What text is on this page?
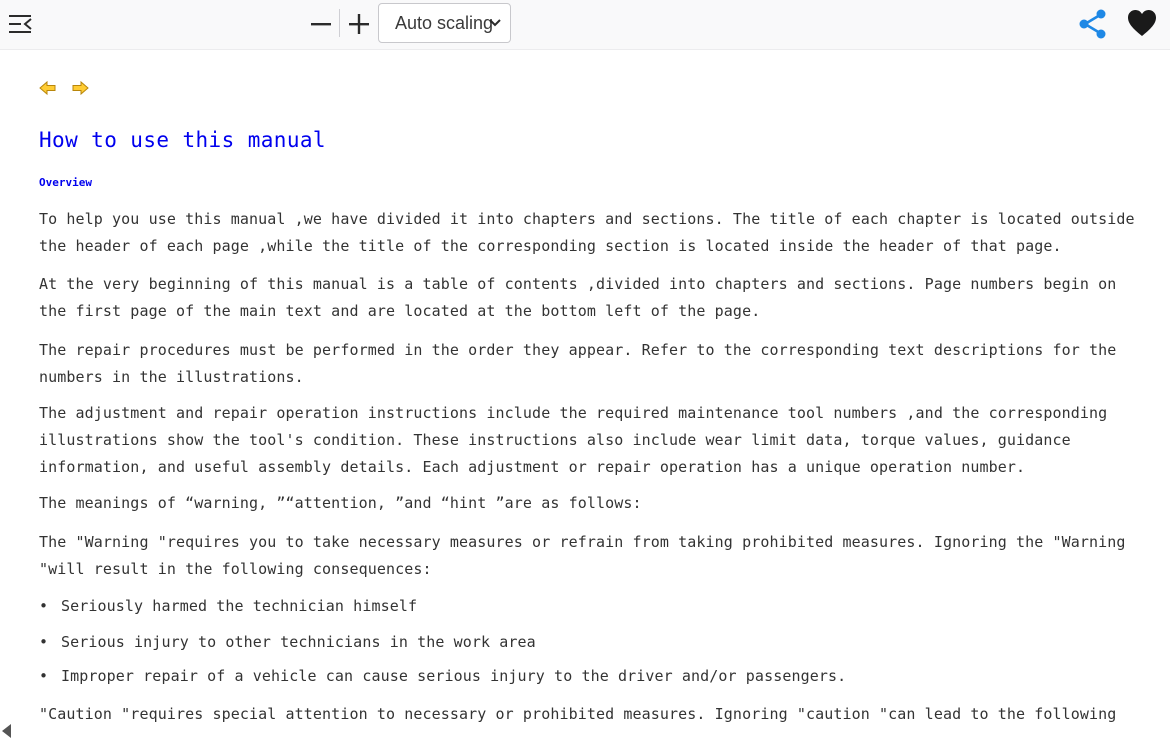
Auto scaling

How to use this manual
Overview

To help you use this manual ,we have divided it into chapters and sections. The title of each chapter is located outside the header of each page ,while the title of the corresponding section is located inside the header of that page.

At the very beginning of this manual is a table of contents ,divided into chapters and sections. Page numbers begin on the first page of the main text and are located at the bottom left of the page.

The repair procedures must be performed in the order they appear. Refer to the corresponding text descriptions for the numbers in the illustrations.

The adjustment and repair operation instructions include the required maintenance tool numbers ,and the corresponding illustrations show the tool's condition. These instructions also include wear limit data, torque values, guidance information, and useful assembly details. Each adjustment or repair operation has a unique operation number.

The meanings of “warning, ”“attention, ”and “hint ”are as follows:

The "Warning "requires you to take necessary measures or refrain from taking prohibited measures. Ignoring the "Warning "will result in the following consequences:

• Seriously harmed the technician himself
• Serious injury to other technicians in the work area
• Improper repair of a vehicle can cause serious injury to the driver and/or passengers.

"Caution "requires special attention to necessary or prohibited measures. Ignoring "caution "can lead to the following
